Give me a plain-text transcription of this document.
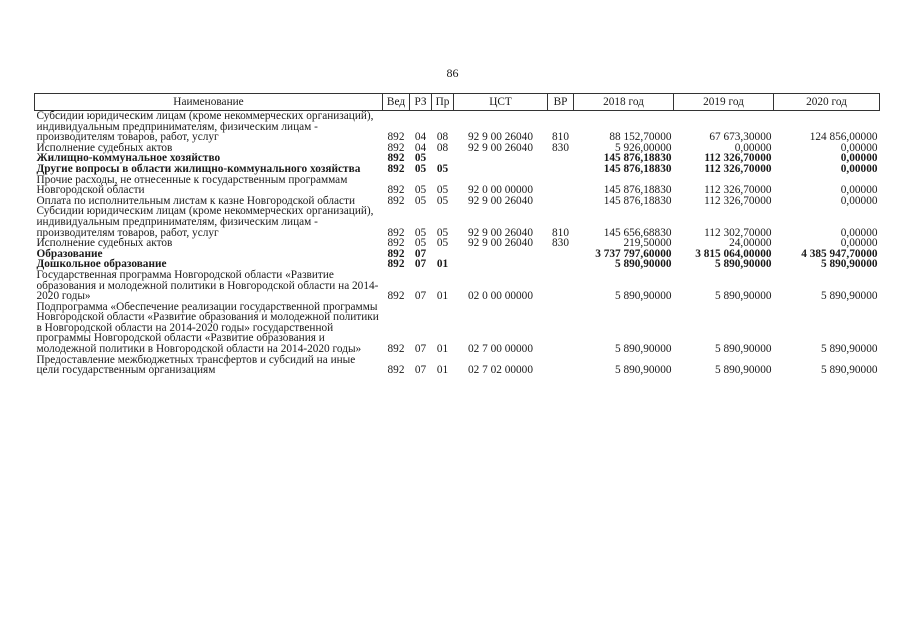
86
Наименование	Вед	РЗ	Пр	ЦСТ	ВР	2018 год	2019 год	2020 год
Субсидии юридическим лицам (кроме некоммерческих организаций), индивидуальным предпринимателям, физическим лицам - производителям товаров, работ, услуг	892	04	08	92 9 00 26040	810	88 152,70000	67 673,30000	124 856,00000
Исполнение судебных актов	892	04	08	92 9 00 26040	830	5 926,00000	0,00000	0,00000
Жилищно-коммунальное хозяйство	892	05				145 876,18830	112 326,70000	0,00000
Другие вопросы в области жилищно-коммунального хозяйства	892	05	05			145 876,18830	112 326,70000	0,00000
Прочие расходы, не отнесенные к государственным программам Новгородской области	892	05	05	92 0 00 00000		145 876,18830	112 326,70000	0,00000
Оплата по исполнительным листам к казне Новгородской области	892	05	05	92 9 00 26040		145 876,18830	112 326,70000	0,00000
Субсидии юридическим лицам (кроме некоммерческих организаций), индивидуальным предпринимателям, физическим лицам - производителям товаров, работ, услуг	892	05	05	92 9 00 26040	810	145 656,68830	112 302,70000	0,00000
Исполнение судебных актов	892	05	05	92 9 00 26040	830	219,50000	24,00000	0,00000
Образование	892	07				3 737 797,60000	3 815 064,00000	4 385 947,70000
Дошкольное образование	892	07	01			5 890,90000	5 890,90000	5 890,90000
Государственная программа Новгородской области «Развитие образования и молодежной политики в Новгородской области на 2014-2020 годы»	892	07	01	02 0 00 00000		5 890,90000	5 890,90000	5 890,90000
Подпрограмма «Обеспечение реализации государственной программы Новгородской области «Развитие образования и молодежной политики в Новгородской области на 2014-2020 годы» государственной программы Новгородской области «Развитие образования и молодежной политики в Новгородской области на 2014-2020 годы»	892	07	01	02 7 00 00000		5 890,90000	5 890,90000	5 890,90000
Предоставление межбюджетных трансфертов и субсидий на иные цели государственным организациям	892	07	01	02 7 02 00000		5 890,90000	5 890,90000	5 890,90000
